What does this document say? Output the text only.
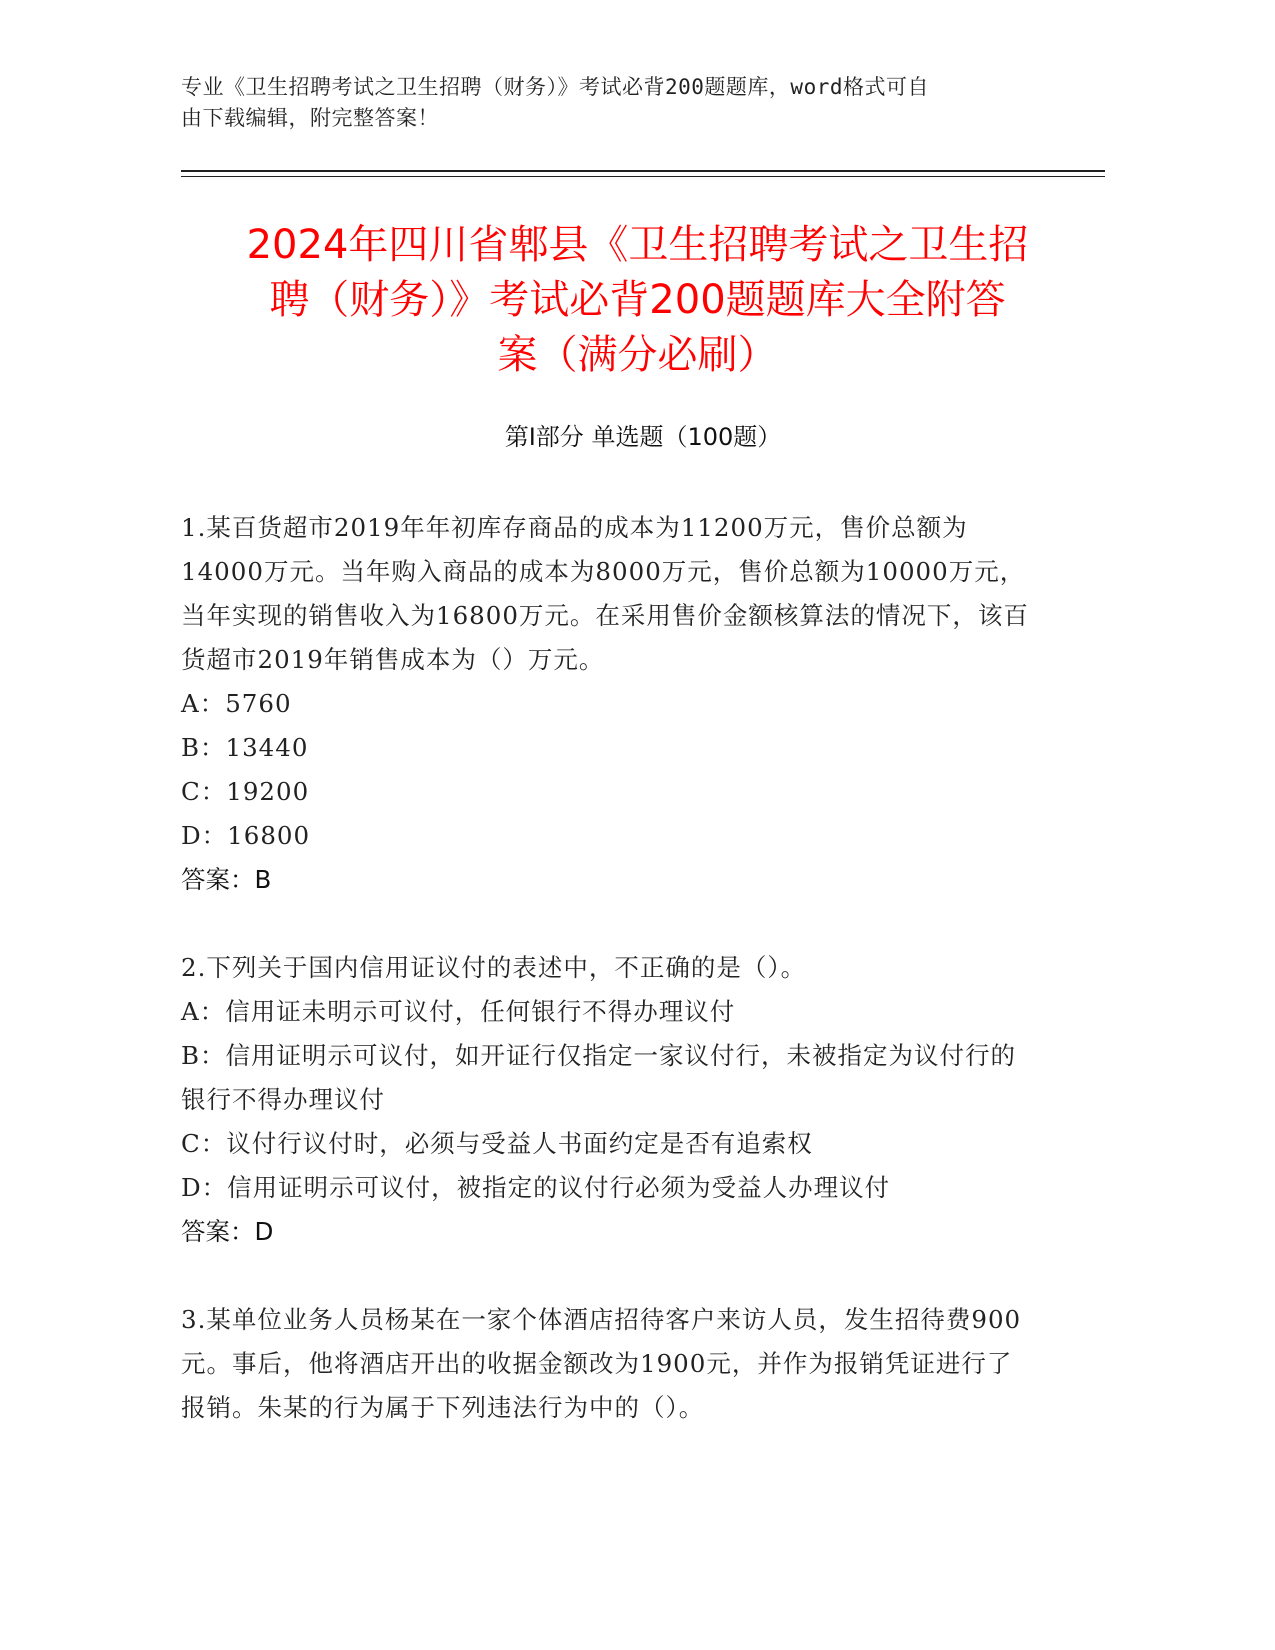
专业《卫生招聘考试之卫生招聘（财务）》考试必背200题题库，word格式可自
由下载编辑，附完整答案！
2024年四川省郫县《卫生招聘考试之卫生招
聘（财务）》考试必背200题题库大全附答
案（满分必刷）
第Ⅰ部分 单选题（100题）
1.某百货超市2019年年初库存商品的成本为11200万元，售价总额为14000万元。当年购入商品的成本为8000万元，售价总额为10000万元，当年实现的销售收入为16800万元。在采用售价金额核算法的情况下，该百货超市2019年销售成本为（）万元。
A：5760
B：13440
C：19200
D：16800
答案：B
2.下列关于国内信用证议付的表述中，不正确的是（）。
A：信用证未明示可议付，任何银行不得办理议付
B：信用证明示可议付，如开证行仅指定一家议付行，未被指定为议付行的银行不得办理议付
C：议付行议付时，必须与受益人书面约定是否有追索权
D：信用证明示可议付，被指定的议付行必须为受益人办理议付
答案：D
3.某单位业务人员杨某在一家个体酒店招待客户来访人员，发生招待费900元。事后，他将酒店开出的收据金额改为1900元，并作为报销凭证进行了报销。朱某的行为属于下列违法行为中的（）。
